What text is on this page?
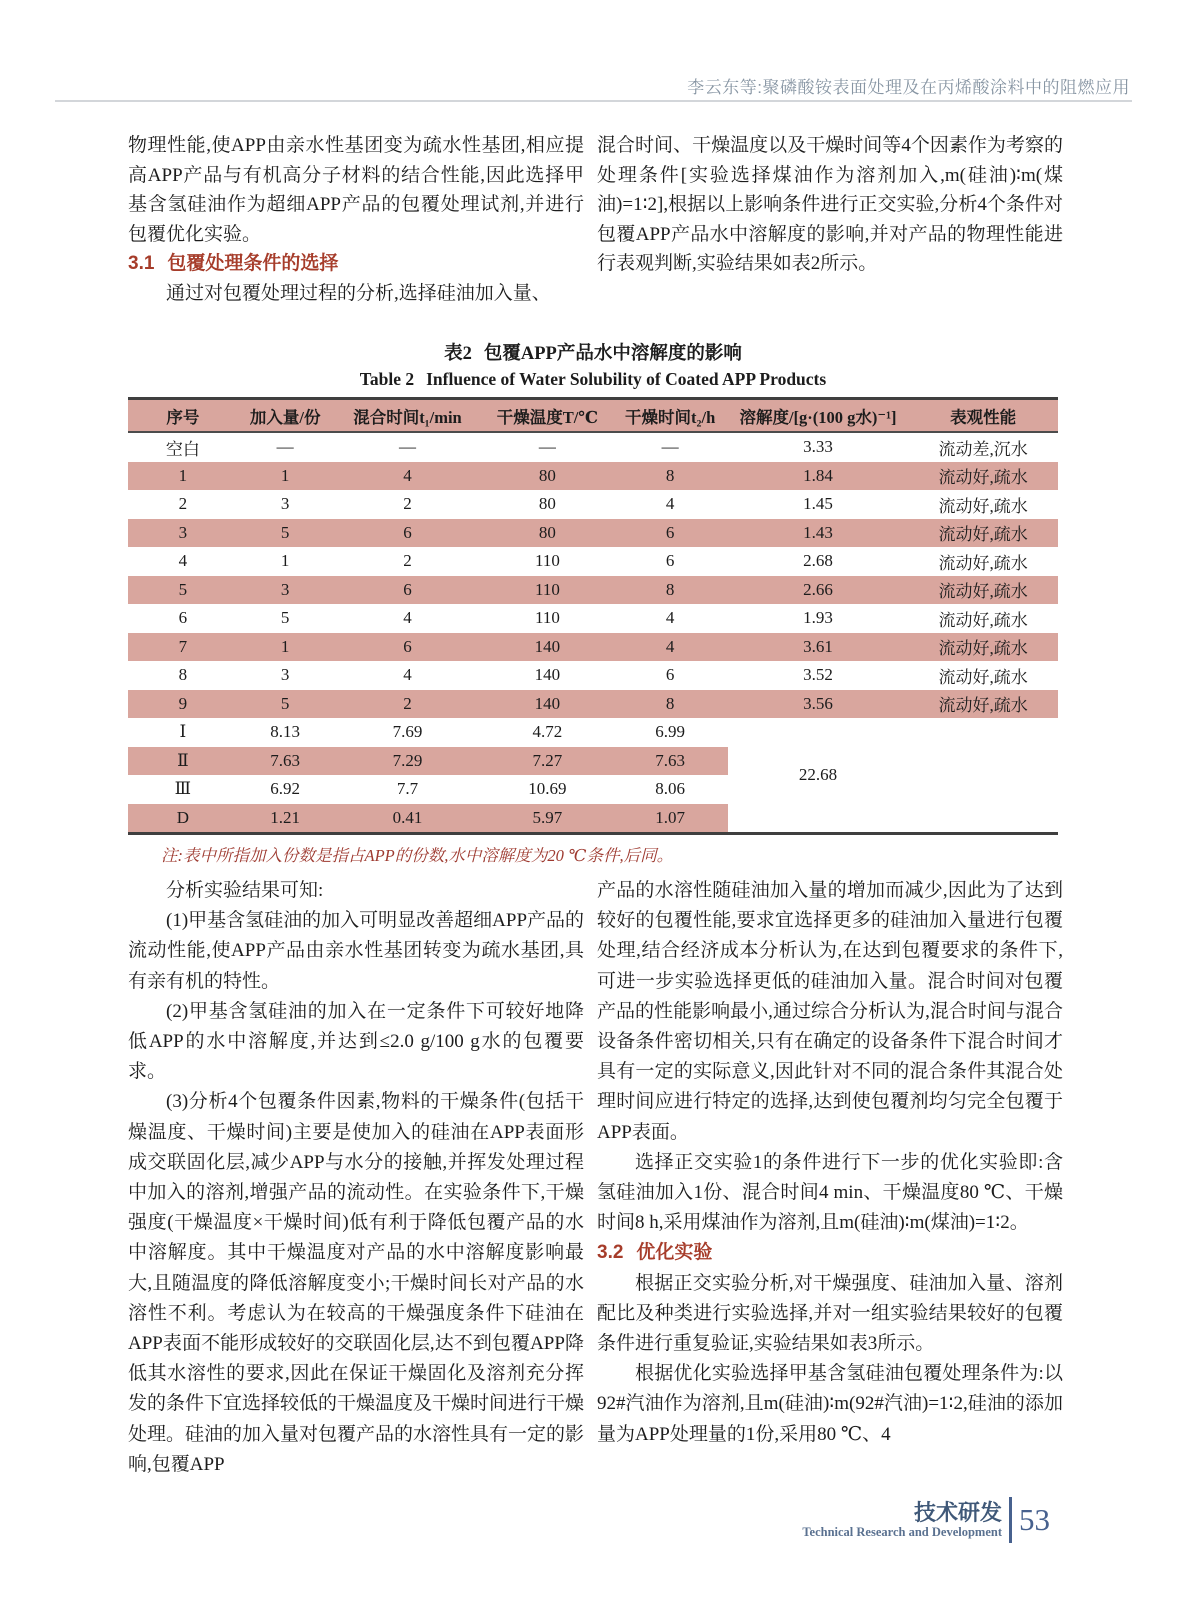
李云东等:聚磷酸铵表面处理及在丙烯酸涂料中的阻燃应用

物理性能,使APP由亲水性基团变为疏水性基团,相应提高APP产品与有机高分子材料的结合性能,因此选择甲基含氢硅油作为超细APP产品的包覆处理试剂,并进行包覆优化实验。

3.1 包覆处理条件的选择

通过对包覆处理过程的分析,选择硅油加入量、

混合时间、干燥温度以及干燥时间等4个因素作为考察的处理条件[实验选择煤油作为溶剂加入,m(硅油)∶m(煤油)=1∶2],根据以上影响条件进行正交实验,分析4个条件对包覆APP产品水中溶解度的影响,并对产品的物理性能进行表观判断,实验结果如表2所示。

表2 包覆APP产品水中溶解度的影响

Table 2 Influence of Water Solubility of Coated APP Products

序号	加入量/份	混合时间t₁/min	干燥温度T/℃	干燥时间t₂/h	溶解度/[g·(100 g水)⁻¹]	表观性能
空白	—	—	—	—	3.33	流动差,沉水
1	1	4	80	8	1.84	流动好,疏水
2	3	2	80	4	1.45	流动好,疏水
3	5	6	80	6	1.43	流动好,疏水
4	1	2	110	6	2.68	流动好,疏水
5	3	6	110	8	2.66	流动好,疏水
6	5	4	110	4	1.93	流动好,疏水
7	1	6	140	4	3.61	流动好,疏水
8	3	4	140	6	3.52	流动好,疏水
9	5	2	140	8	3.56	流动好,疏水
Ⅰ	8.13	7.69	4.72	6.99	22.68	
Ⅱ	7.63	7.29	7.27	7.63		
Ⅲ	6.92	7.7	10.69	8.06		
D	1.21	0.41	5.97	1.07		

注:表中所指加入份数是指占APP的份数,水中溶解度为20 ℃条件,后同。

分析实验结果可知:

(1)甲基含氢硅油的加入可明显改善超细APP产品的流动性能,使APP产品由亲水性基团转变为疏水基团,具有亲有机的特性。

(2)甲基含氢硅油的加入在一定条件下可较好地降低APP的水中溶解度,并达到≤2.0 g/100 g水的包覆要求。

(3)分析4个包覆条件因素,物料的干燥条件(包括干燥温度、干燥时间)主要是使加入的硅油在APP表面形成交联固化层,减少APP与水分的接触,并挥发处理过程中加入的溶剂,增强产品的流动性。在实验条件下,干燥强度(干燥温度×干燥时间)低有利于降低包覆产品的水中溶解度。其中干燥温度对产品的水中溶解度影响最大,且随温度的降低溶解度变小;干燥时间长对产品的水溶性不利。考虑认为在较高的干燥强度条件下硅油在APP表面不能形成较好的交联固化层,达不到包覆APP降低其水溶性的要求,因此在保证干燥固化及溶剂充分挥发的条件下宜选择较低的干燥温度及干燥时间进行干燥处理。硅油的加入量对包覆产品的水溶性具有一定的影响,包覆APP

产品的水溶性随硅油加入量的增加而减少,因此为了达到较好的包覆性能,要求宜选择更多的硅油加入量进行包覆处理,结合经济成本分析认为,在达到包覆要求的条件下,可进一步实验选择更低的硅油加入量。混合时间对包覆产品的性能影响最小,通过综合分析认为,混合时间与混合设备条件密切相关,只有在确定的设备条件下混合时间才具有一定的实际意义,因此针对不同的混合条件其混合处理时间应进行特定的选择,达到使包覆剂均匀完全包覆于APP表面。

选择正交实验1的条件进行下一步的优化实验即:含氢硅油加入1份、混合时间4 min、干燥温度80 ℃、干燥时间8 h,采用煤油作为溶剂,且m(硅油)∶m(煤油)=1∶2。

3.2 优化实验

根据正交实验分析,对干燥强度、硅油加入量、溶剂配比及种类进行实验选择,并对一组实验结果较好的包覆条件进行重复验证,实验结果如表3所示。

根据优化实验选择甲基含氢硅油包覆处理条件为:以92#汽油作为溶剂,且m(硅油)∶m(92#汽油)=1∶2,硅油的添加量为APP处理量的1份,采用80 ℃、4

技术研发
Technical Research and Development 53
